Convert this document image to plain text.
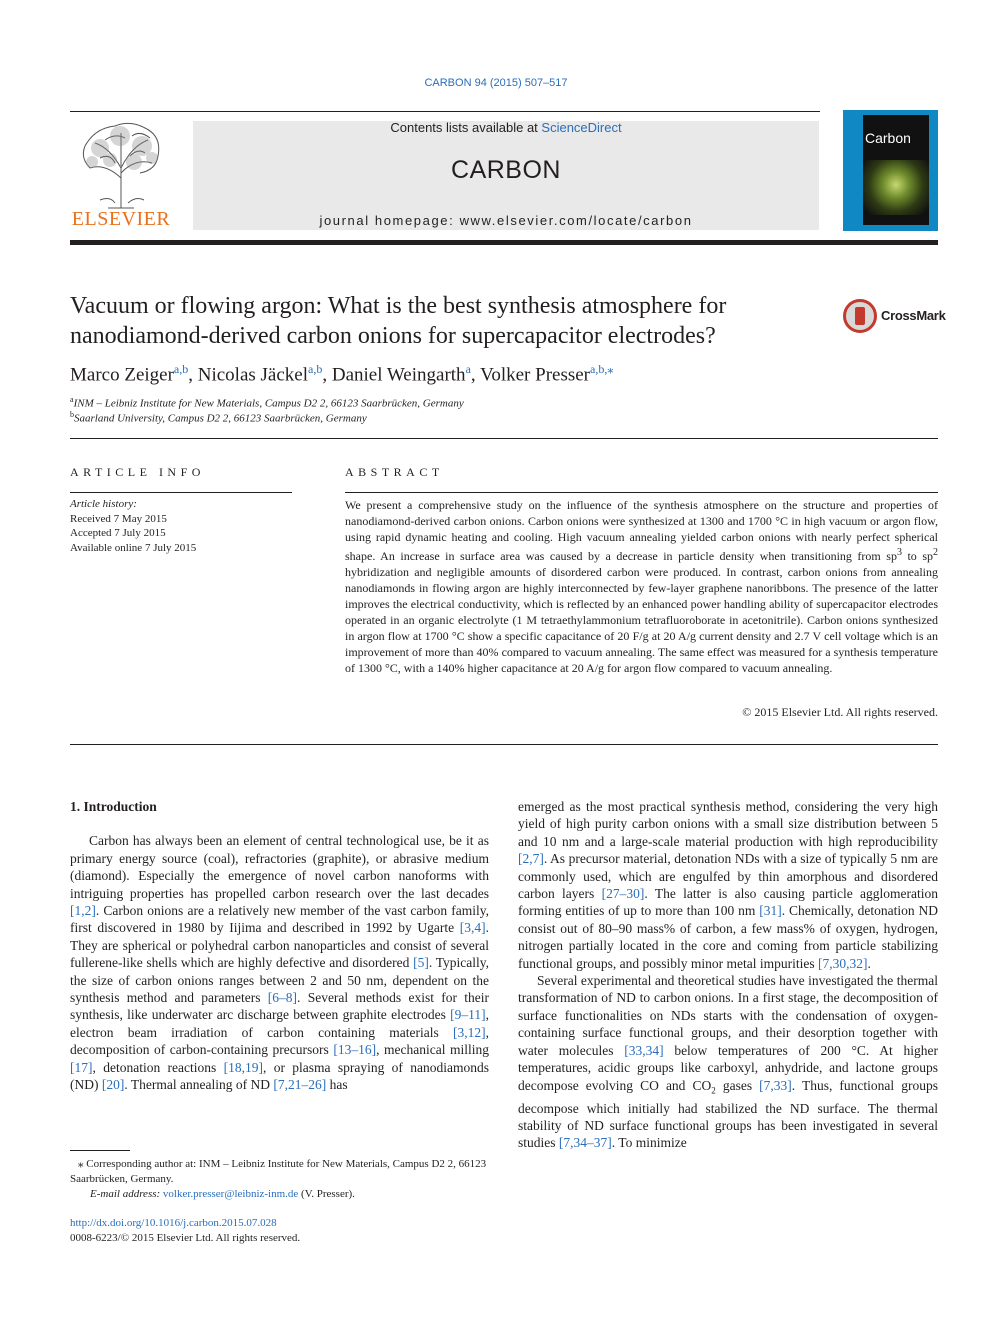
CARBON 94 (2015) 507–517
ELSEVIER
Contents lists available at ScienceDirect
CARBON
journal homepage: www.elsevier.com/locate/carbon
Carbon
Vacuum or flowing argon: What is the best synthesis atmosphere for nanodiamond-derived carbon onions for supercapacitor electrodes?
CrossMark
Marco Zeiger$^{a,b}$, Nicolas Jäckel$^{a,b}$, Daniel Weingarth$^a$, Volker Presser$^{a,b,⁎}$
$^a$INM – Leibniz Institute for New Materials, Campus D2 2, 66123 Saarbrücken, Germany
$^b$Saarland University, Campus D2 2, 66123 Saarbrücken, Germany
ARTICLE INFO
Article history:
Received 7 May 2015
Accepted 7 July 2015
Available online 7 July 2015
ABSTRACT
We present a comprehensive study on the influence of the synthesis atmosphere on the structure and properties of nanodiamond-derived carbon onions. Carbon onions were synthesized at 1300 and 1700 °C in high vacuum or argon flow, using rapid dynamic heating and cooling. High vacuum annealing yielded carbon onions with nearly perfect spherical shape. An increase in surface area was caused by a decrease in particle density when transitioning from $sp^3$ to $sp^2$ hybridization and negligible amounts of disordered carbon were produced. In contrast, carbon onions from annealing nanodiamonds in flowing argon are highly interconnected by few-layer graphene nanoribbons. The presence of the latter improves the electrical conductivity, which is reflected by an enhanced power handling ability of supercapacitor electrodes operated in an organic electrolyte (1 M tetraethylammonium tetrafluoroborate in acetonitrile). Carbon onions synthesized in argon flow at 1700 °C show a specific capacitance of 20 F/g at 20 A/g current density and 2.7 V cell voltage which is an improvement of more than 40% compared to vacuum annealing. The same effect was measured for a synthesis temperature of 1300 °C, with a 140% higher capacitance at 20 A/g for argon flow compared to vacuum annealing.
© 2015 Elsevier Ltd. All rights reserved.
1. Introduction

Carbon has always been an element of central technological use, be it as primary energy source (coal), refractories (graphite), or abrasive medium (diamond). Especially the emergence of novel carbon nanoforms with intriguing properties has propelled carbon research over the last decades [1,2]. Carbon onions are a relatively new member of the vast carbon family, first discovered in 1980 by Iijima and described in 1992 by Ugarte [3,4]. They are spherical or polyhedral carbon nanoparticles and consist of several fullerene-like shells which are highly defective and disordered [5]. Typically, the size of carbon onions ranges between 2 and 50 nm, dependent on the synthesis method and parameters [6–8]. Several methods exist for their synthesis, like underwater arc discharge between graphite electrodes [9–11], electron beam irradiation of carbon containing materials [3,12], decomposition of carbon-containing precursors [13–16], mechanical milling [17], detonation reactions [18,19], or plasma spraying of nanodiamonds (ND) [20]. Thermal annealing of ND [7,21–26] has

emerged as the most practical synthesis method, considering the very high yield of high purity carbon onions with a small size distribution between 5 and 10 nm and a large-scale material production with high reproducibility [2,7]. As precursor material, detonation NDs with a size of typically 5 nm are commonly used, which are engulfed by thin amorphous and disordered carbon layers [27–30]. The latter is also causing particle agglomeration forming entities of up to more than 100 nm [31]. Chemically, detonation ND consist out of 80–90 mass% of carbon, a few mass% of oxygen, hydrogen, nitrogen partially located in the core and coming from particle stabilizing functional groups, and possibly minor metal impurities [7,30,32].

Several experimental and theoretical studies have investigated the thermal transformation of ND to carbon onions. In a first stage, the decomposition of surface functionalities on NDs starts with the condensation of oxygen-containing surface functional groups, and their desorption together with water molecules [33,34] below temperatures of 200 °C. At higher temperatures, acidic groups like carboxyl, anhydride, and lactone groups decompose evolving CO and $CO_2$ gases [7,33]. Thus, functional groups decompose which initially had stabilized the ND surface. The thermal stability of ND surface functional groups has been investigated in several studies [7,34–37]. To minimize

⁎ Corresponding author at: INM – Leibniz Institute for New Materials, Campus D2 2, 66123 Saarbrücken, Germany.
E-mail address: volker.presser@leibniz-inm.de (V. Presser).
http://dx.doi.org/10.1016/j.carbon.2015.07.028
0008-6223/© 2015 Elsevier Ltd. All rights reserved.
